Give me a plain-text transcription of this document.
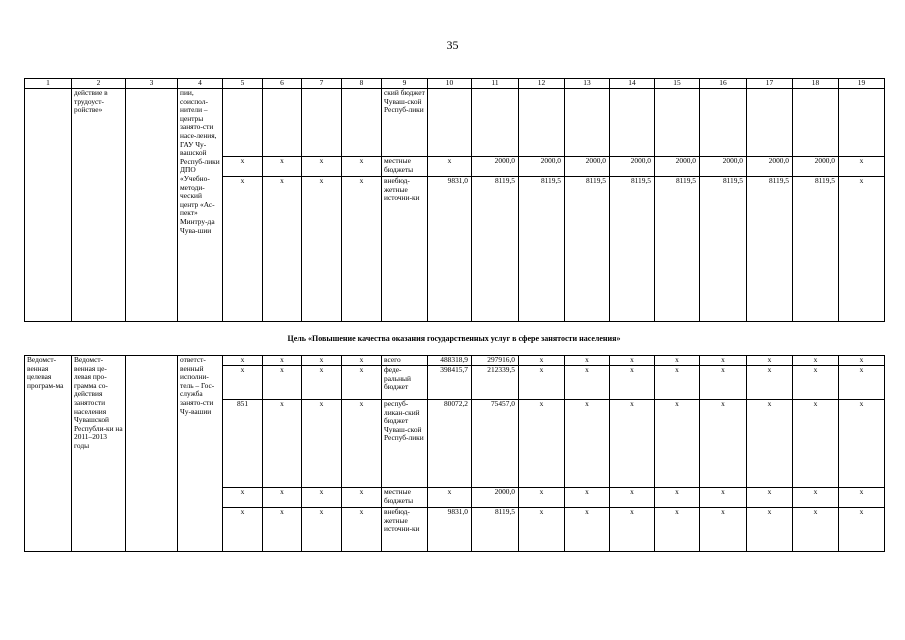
35
1	2	3	4	5	6	7	8	9	10	11	12	13	14	15	16	17	18	19
	действие в трудоуст-ройстве»		пии, соиспол-нители – центры занято-сти насе-ления, ГАУ Чу-вашской Респуб-лики ДПО «Учебно-методи-ческий центр «Ас-пект» Минтру-да Чува-шии					ский бюджет Чуваш-ской Респуб-лики										
				х	х	х	х	местные бюджеты	х	2000,0	2000,0	2000,0	2000,0	2000,0	2000,0	2000,0	2000,0	х
				х	х	х	х	внебюд-жетные источни-ки	9831,0	8119,5	8119,5	8119,5	8119,5	8119,5	8119,5	8119,5	8119,5	х
Цель «Повышение качества оказания государственных услуг в сфере занятости населения»
Ведомст-венная целевая програм-ма	Ведомст-венная це-левая про-грамма со-действия занятости населения Чувашской Республи-ки на 2011–2013 годы		ответст-венный исполни-тель – Гос-служба занято-сти Чу-вашии	х	х	х	х	всего	488318,9	297916,0	х	х	х	х	х	х	х	х
				х	х	х	х	феде-ральный бюджет	398415,7	212339,5	х	х	х	х	х	х	х	х
				851	х	х	х	респуб-ликан-ский бюджет Чуваш-ской Респуб-лики	80072,2	75457,0	х	х	х	х	х	х	х	х
				х	х	х	х	местные бюджеты	х	2000,0	х	х	х	х	х	х	х	х
				х	х	х	х	внебюд-жетные источни-ки	9831,0	8119,5	х	х	х	х	х	х	х	х
